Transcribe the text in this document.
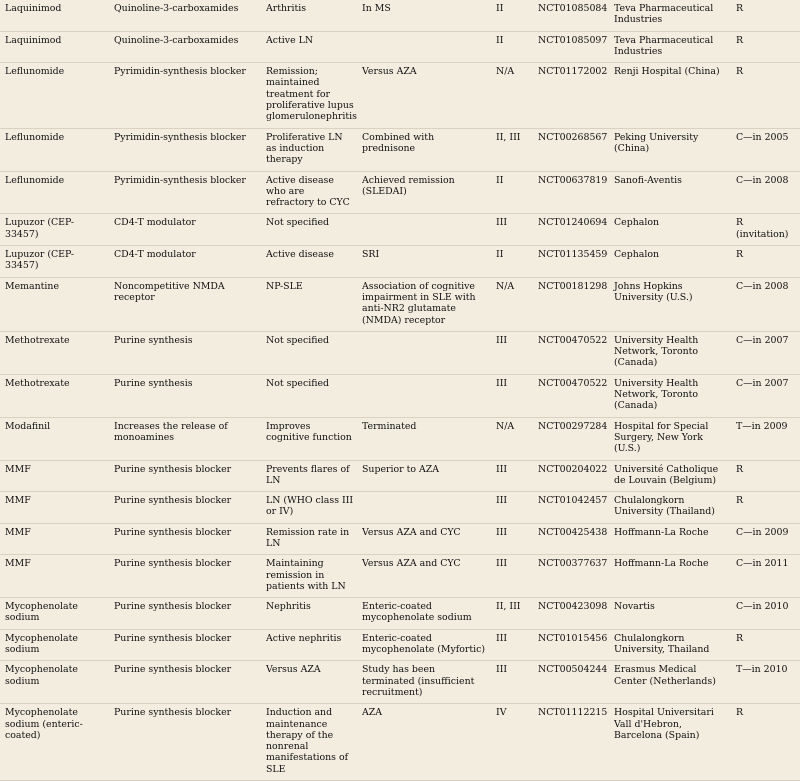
Laquinimod	Quinoline-3-carboxamides	Arthritis	In MS	II	NCT01085084	Teva Pharmaceutical Industries	R
Laquinimod	Quinoline-3-carboxamides	Active LN		II	NCT01085097	Teva Pharmaceutical Industries	R
Leflunomide	Pyrimidin-synthesis blocker	Remission; maintained treatment for proliferative lupus glomerulonephritis	Versus AZA	N/A	NCT01172002	Renji Hospital (China)	R
Leflunomide	Pyrimidin-synthesis blocker	Proliferative LN as induction therapy	Combined with prednisone	II, III	NCT00268567	Peking University (China)	C—in 2005
Leflunomide	Pyrimidin-synthesis blocker	Active disease who are refractory to CYC	Achieved remission (SLEDAI)	II	NCT00637819	Sanofi-Aventis	C—in 2008
Lupuzor (CEP-33457)	CD4-T modulator	Not specified		III	NCT01240694	Cephalon	R (invitation)
Lupuzor (CEP-33457)	CD4-T modulator	Active disease	SRI	II	NCT01135459	Cephalon	R
Memantine	Noncompetitive NMDA receptor	NP-SLE	Association of cognitive impairment in SLE with anti-NR2 glutamate (NMDA) receptor	N/A	NCT00181298	Johns Hopkins University (U.S.)	C—in 2008
Methotrexate	Purine synthesis	Not specified		III	NCT00470522	University Health Network, Toronto (Canada)	C—in 2007
Methotrexate	Purine synthesis	Not specified		III	NCT00470522	University Health Network, Toronto (Canada)	C—in 2007
Modafinil	Increases the release of monoamines	Improves cognitive function	Terminated	N/A	NCT00297284	Hospital for Special Surgery, New York (U.S.)	T—in 2009
MMF	Purine synthesis blocker	Prevents flares of LN	Superior to AZA	III	NCT00204022	Université Catholique de Louvain (Belgium)	R
MMF	Purine synthesis blocker	LN (WHO class III or IV)		III	NCT01042457	Chulalongkorn University (Thailand)	R
MMF	Purine synthesis blocker	Remission rate in LN	Versus AZA and CYC	III	NCT00425438	Hoffmann-La Roche	C—in 2009
MMF	Purine synthesis blocker	Maintaining remission in patients with LN	Versus AZA and CYC	III	NCT00377637	Hoffmann-La Roche	C—in 2011
Mycophenolate sodium	Purine synthesis blocker	Nephritis	Enteric-coated mycophenolate sodium	II, III	NCT00423098	Novartis	C—in 2010
Mycophenolate sodium	Purine synthesis blocker	Active nephritis	Enteric-coated mycophenolate (Myfortic)	III	NCT01015456	Chulalongkorn University, Thailand	R
Mycophenolate sodium	Purine synthesis blocker	Versus AZA	Study has been terminated (insufficient recruitment)	III	NCT00504244	Erasmus Medical Center (Netherlands)	T—in 2010
Mycophenolate sodium (enteric-coated)	Purine synthesis blocker	Induction and maintenance therapy of the nonrenal manifestations of SLE	AZA	IV	NCT01112215	Hospital Universitari Vall d'Hebron, Barcelona (Spain)	R
